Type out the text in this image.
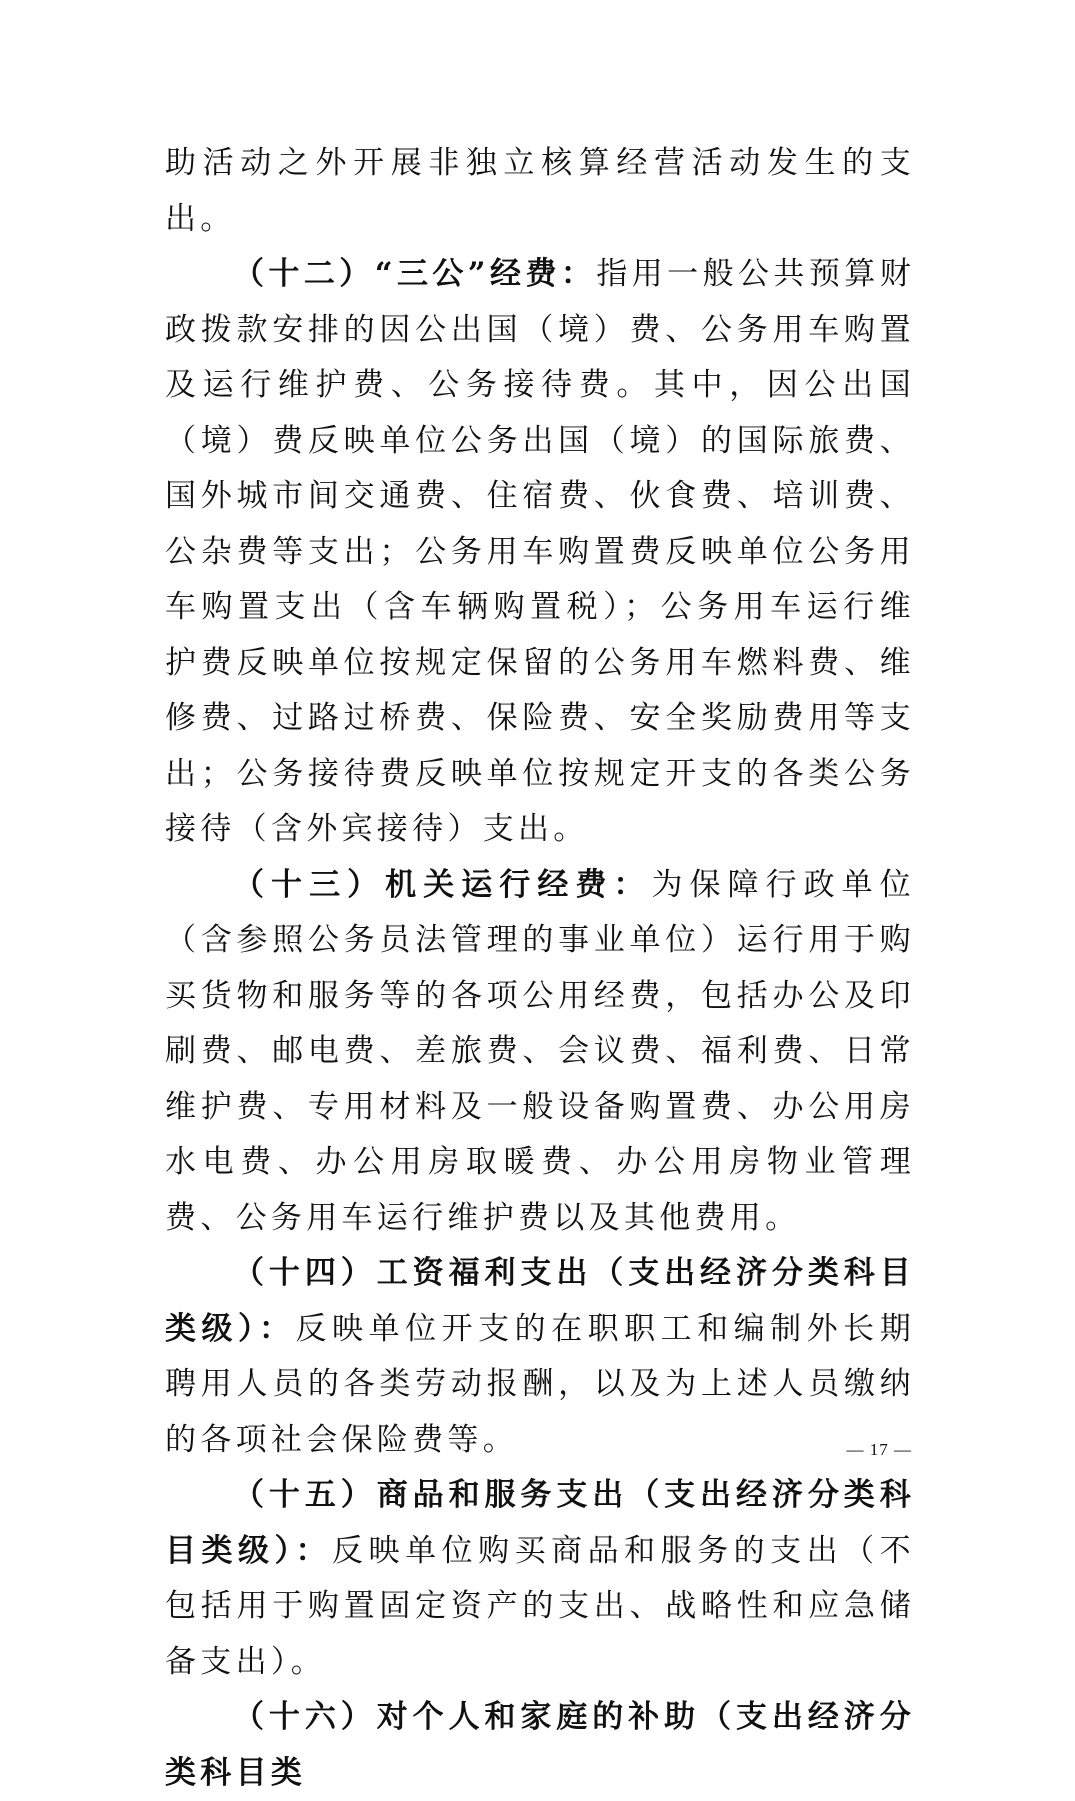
助活动之外开展非独立核算经营活动发生的支出。

（十二）“三公”经费：指用一般公共预算财政拨款安排的因公出国（境）费、公务用车购置及运行维护费、公务接待费。其中，因公出国（境）费反映单位公务出国（境）的国际旅费、国外城市间交通费、住宿费、伙食费、培训费、公杂费等支出；公务用车购置费反映单位公务用车购置支出（含车辆购置税）；公务用车运行维护费反映单位按规定保留的公务用车燃料费、维修费、过路过桥费、保险费、安全奖励费用等支出；公务接待费反映单位按规定开支的各类公务接待（含外宾接待）支出。

（十三）机关运行经费：为保障行政单位（含参照公务员法管理的事业单位）运行用于购买货物和服务等的各项公用经费，包括办公及印刷费、邮电费、差旅费、会议费、福利费、日常维护费、专用材料及一般设备购置费、办公用房水电费、办公用房取暖费、办公用房物业管理费、公务用车运行维护费以及其他费用。

（十四）工资福利支出（支出经济分类科目类级）：反映单位开支的在职职工和编制外长期聘用人员的各类劳动报酬，以及为上述人员缴纳的各项社会保险费等。

（十五）商品和服务支出（支出经济分类科目类级）：反映单位购买商品和服务的支出（不包括用于购置固定资产的支出、战略性和应急储备支出）。

（十六）对个人和家庭的补助（支出经济分类科目类

— 17 —
